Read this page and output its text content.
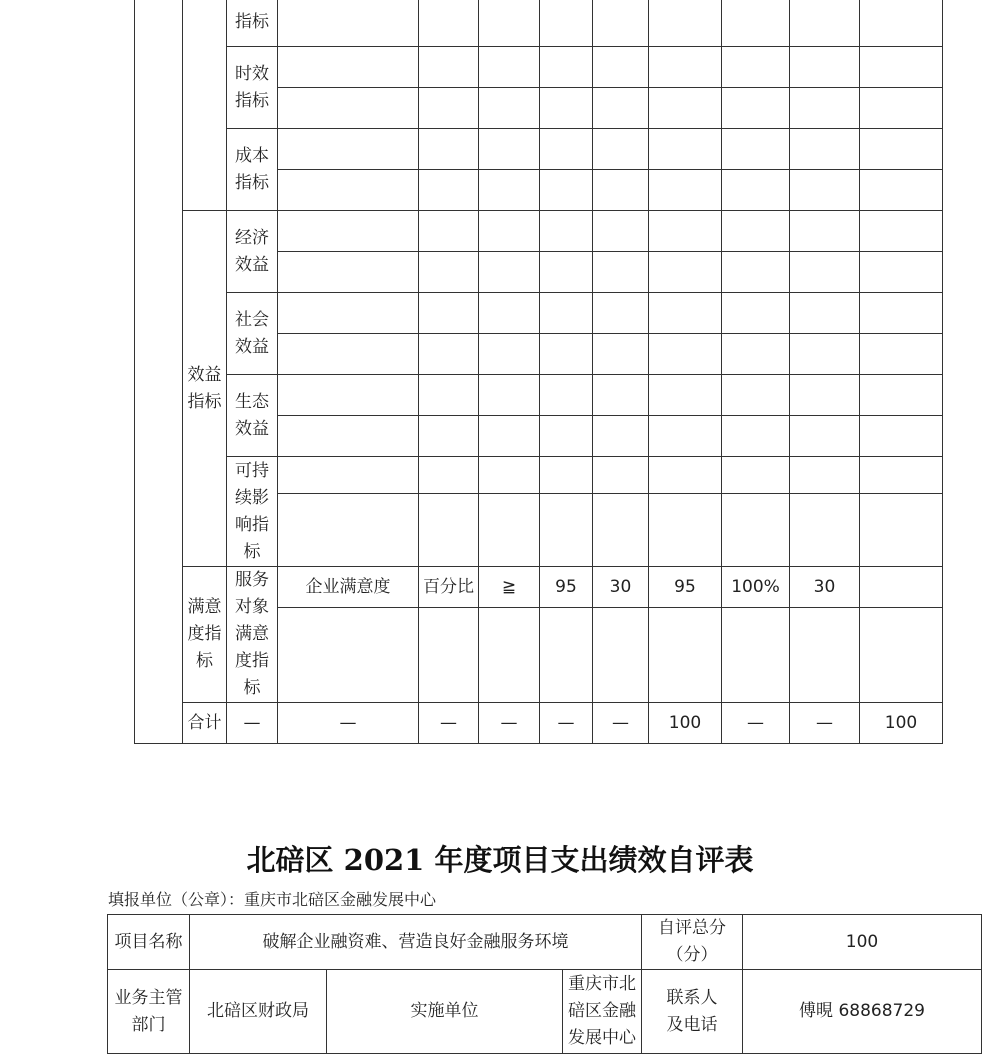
		指标										
		时效指标										

		成本指标										

	效益指标	经济效益										

		社会效益										

		生态效益										

		可持续影响指标										

	满意度指标	服务对象满意度指标	企业满意度	百分比	≧	95	30	95	100%	30		

	合计	—	—	—	—	—	—	100	—	—	100	
北碚区 2021 年度项目支出绩效自评表
填报单位（公章）：重庆市北碚区金融发展中心
项目名称	破解企业融资难、营造良好金融服务环境			自评总分（分）	100
业务主管部门	北碚区财政局	实施单位	重庆市北碚区金融发展中心	联系人及电话	傅晛 68868729
